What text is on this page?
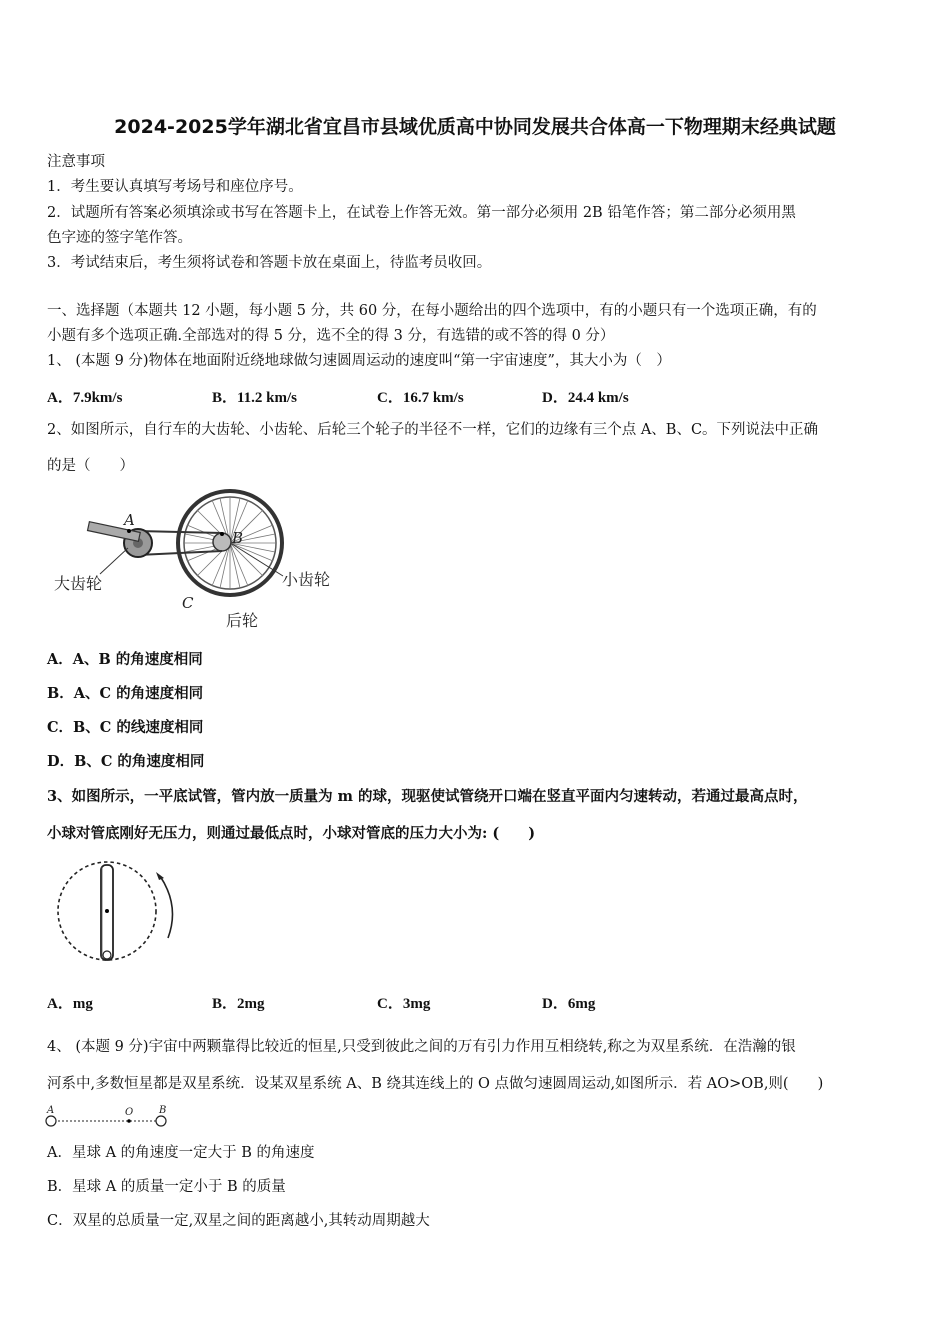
2024-2025学年湖北省宜昌市县域优质高中协同发展共合体高一下物理期末经典试题
注意事项
1．考生要认真填写考场号和座位序号。
2．试题所有答案必须填涂或书写在答题卡上，在试卷上作答无效。第一部分必须用 2B 铅笔作答；第二部分必须用黑
色字迹的签字笔作答。
3．考试结束后，考生须将试卷和答题卡放在桌面上，待监考员收回。
一、选择题（本题共 12 小题，每小题 5 分，共 60 分，在每小题给出的四个选项中，有的小题只有一个选项正确，有的
小题有多个选项正确.全部选对的得 5 分，选不全的得 3 分，有选错的或不答的得 0 分）
1、 (本题 9 分)物体在地面附近绕地球做匀速圆周运动的速度叫“第一宇宙速度”，其大小为（　）
A．7.9km/s	B．11.2 km/s	C．16.7 km/s	D．24.4 km/s
2、如图所示，自行车的大齿轮、小齿轮、后轮三个轮子的半径不一样，它们的边缘有三个点 A、B、C。下列说法中正确
的是（　　）
A
B
C
大齿轮	小齿轮
后轮
A．A、B 的角速度相同
B．A、C 的角速度相同
C．B、C 的线速度相同
D．B、C 的角速度相同
3、如图所示，一平底试管，管内放一质量为 m 的球，现驱使试管绕开口端在竖直平面内匀速转动，若通过最高点时，
小球对管底刚好无压力，则通过最低点时，小球对管底的压力大小为: (　　)
A．mg	B．2mg	C．3mg	D．6mg
4、 (本题 9 分)宇宙中两颗靠得比较近的恒星,只受到彼此之间的万有引力作用互相绕转,称之为双星系统．在浩瀚的银
河系中,多数恒星都是双星系统．设某双星系统 A、B 绕其连线上的 O 点做匀速圆周运动,如图所示．若 AO>OB,则(　　)
A	O	B
A．星球 A 的角速度一定大于 B 的角速度
B．星球 A 的质量一定小于 B 的质量
C．双星的总质量一定,双星之间的距离越小,其转动周期越大
